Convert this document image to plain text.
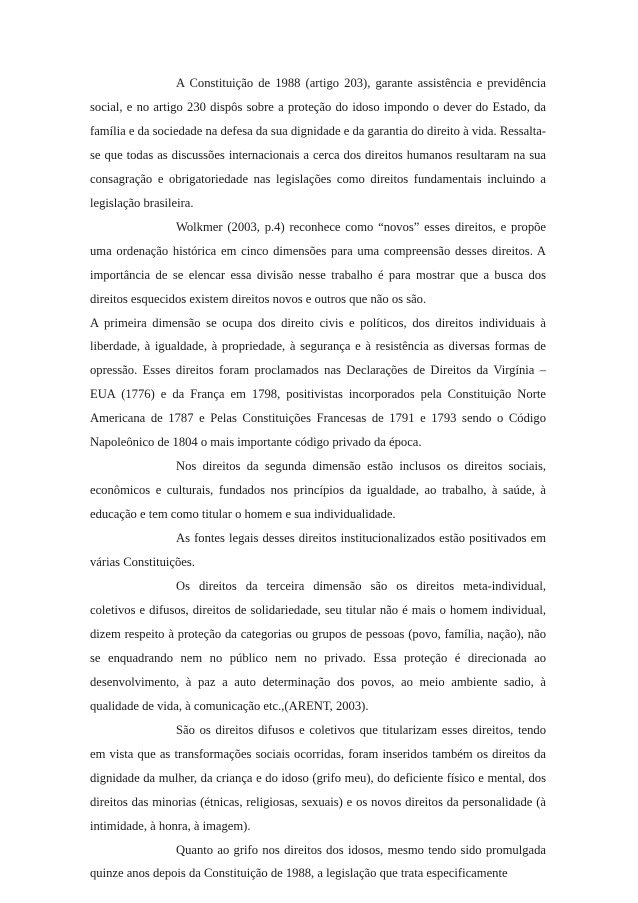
A Constituição de 1988 (artigo 203), garante assistência e previdência social, e no artigo 230 dispôs sobre a proteção do idoso impondo o dever do Estado, da família e da sociedade na defesa da sua dignidade e da garantia do direito à vida. Ressalta-se que todas as discussões internacionais a cerca dos direitos humanos resultaram na sua consagração e obrigatoriedade nas legislações como direitos fundamentais incluindo a legislação brasileira.

Wolkmer (2003, p.4) reconhece como “novos” esses direitos, e propõe uma ordenação histórica em cinco dimensões para uma compreensão desses direitos. A importância de se elencar essa divisão nesse trabalho é para mostrar que a busca dos direitos esquecidos existem direitos novos e outros que não os são.

A primeira dimensão se ocupa dos direito civis e políticos, dos direitos individuais à liberdade, à igualdade, à propriedade, à segurança e à resistência as diversas formas de opressão. Esses direitos foram proclamados nas Declarações de Direitos da Virgínia – EUA (1776) e da França em 1798, positivistas incorporados pela Constituição Norte Americana de 1787 e Pelas Constituições Francesas de 1791 e 1793 sendo o Código Napoleônico de 1804 o mais importante código privado da época.

Nos direitos da segunda dimensão estão inclusos os direitos sociais, econômicos e culturais, fundados nos princípios da igualdade, ao trabalho, à saúde, à educação e tem como titular o homem e sua individualidade.

As fontes legais desses direitos institucionalizados estão positivados em várias Constituições.

Os direitos da terceira dimensão são os direitos meta-individual, coletivos e difusos, direitos de solidariedade, seu titular não é mais o homem individual, dizem respeito à proteção da categorias ou grupos de pessoas (povo, família, nação), não se enquadrando nem no público nem no privado. Essa proteção é direcionada ao desenvolvimento, à paz a auto determinação dos povos, ao meio ambiente sadio, à qualidade de vida, à comunicação etc.,(ARENT, 2003).

São os direitos difusos e coletivos que titularizam esses direitos, tendo em vista que as transformações sociais ocorridas, foram inseridos também os direitos da dignidade da mulher, da criança e do idoso (grifo meu), do deficiente físico e mental, dos direitos das minorias (étnicas, religiosas, sexuais) e os novos direitos da personalidade (à intimidade, à honra, à imagem).

Quanto ao grifo nos direitos dos idosos, mesmo tendo sido promulgada quinze anos depois da Constituição de 1988, a legislação que trata especificamente
